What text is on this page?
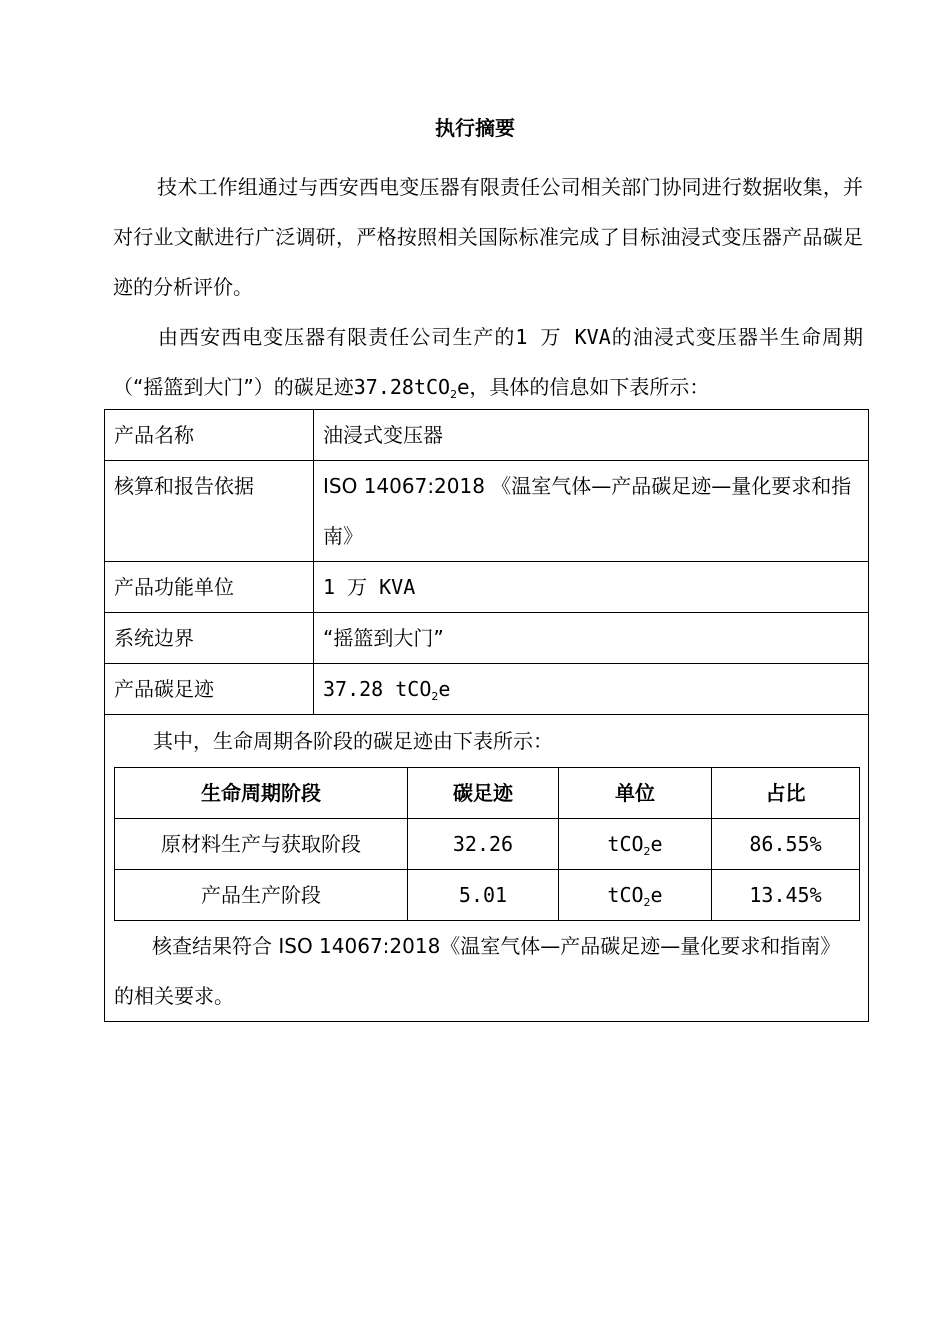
执行摘要
技术工作组通过与西安西电变压器有限责任公司相关部门协同进行数据收集，并对行业文献进行广泛调研，严格按照相关国际标准完成了目标油浸式变压器产品碳足迹的分析评价。
由西安西电变压器有限责任公司生产的1 万 KVA的油浸式变压器半生命周期（“摇篮到大门”）的碳足迹37.28tCO$_2$e，具体的信息如下表所示：
产品名称	油浸式变压器
核算和报告依据	ISO 14067:2018 《温室气体—产品碳足迹—量化要求和指南》
产品功能单位	1 万 KVA
系统边界	“摇篮到大门”
产品碳足迹	37.28 tCO$_2$e

其中，生命周期各阶段的碳足迹由下表所示：
生命周期阶段	碳足迹	单位	占比
原材料生产与获取阶段	32.26	tCO$_2$e	86.55%
产品生产阶段	5.01	tCO$_2$e	13.45%
核查结果符合 ISO 14067:2018《温室气体—产品碳足迹—量化要求和指南》的相关要求。
